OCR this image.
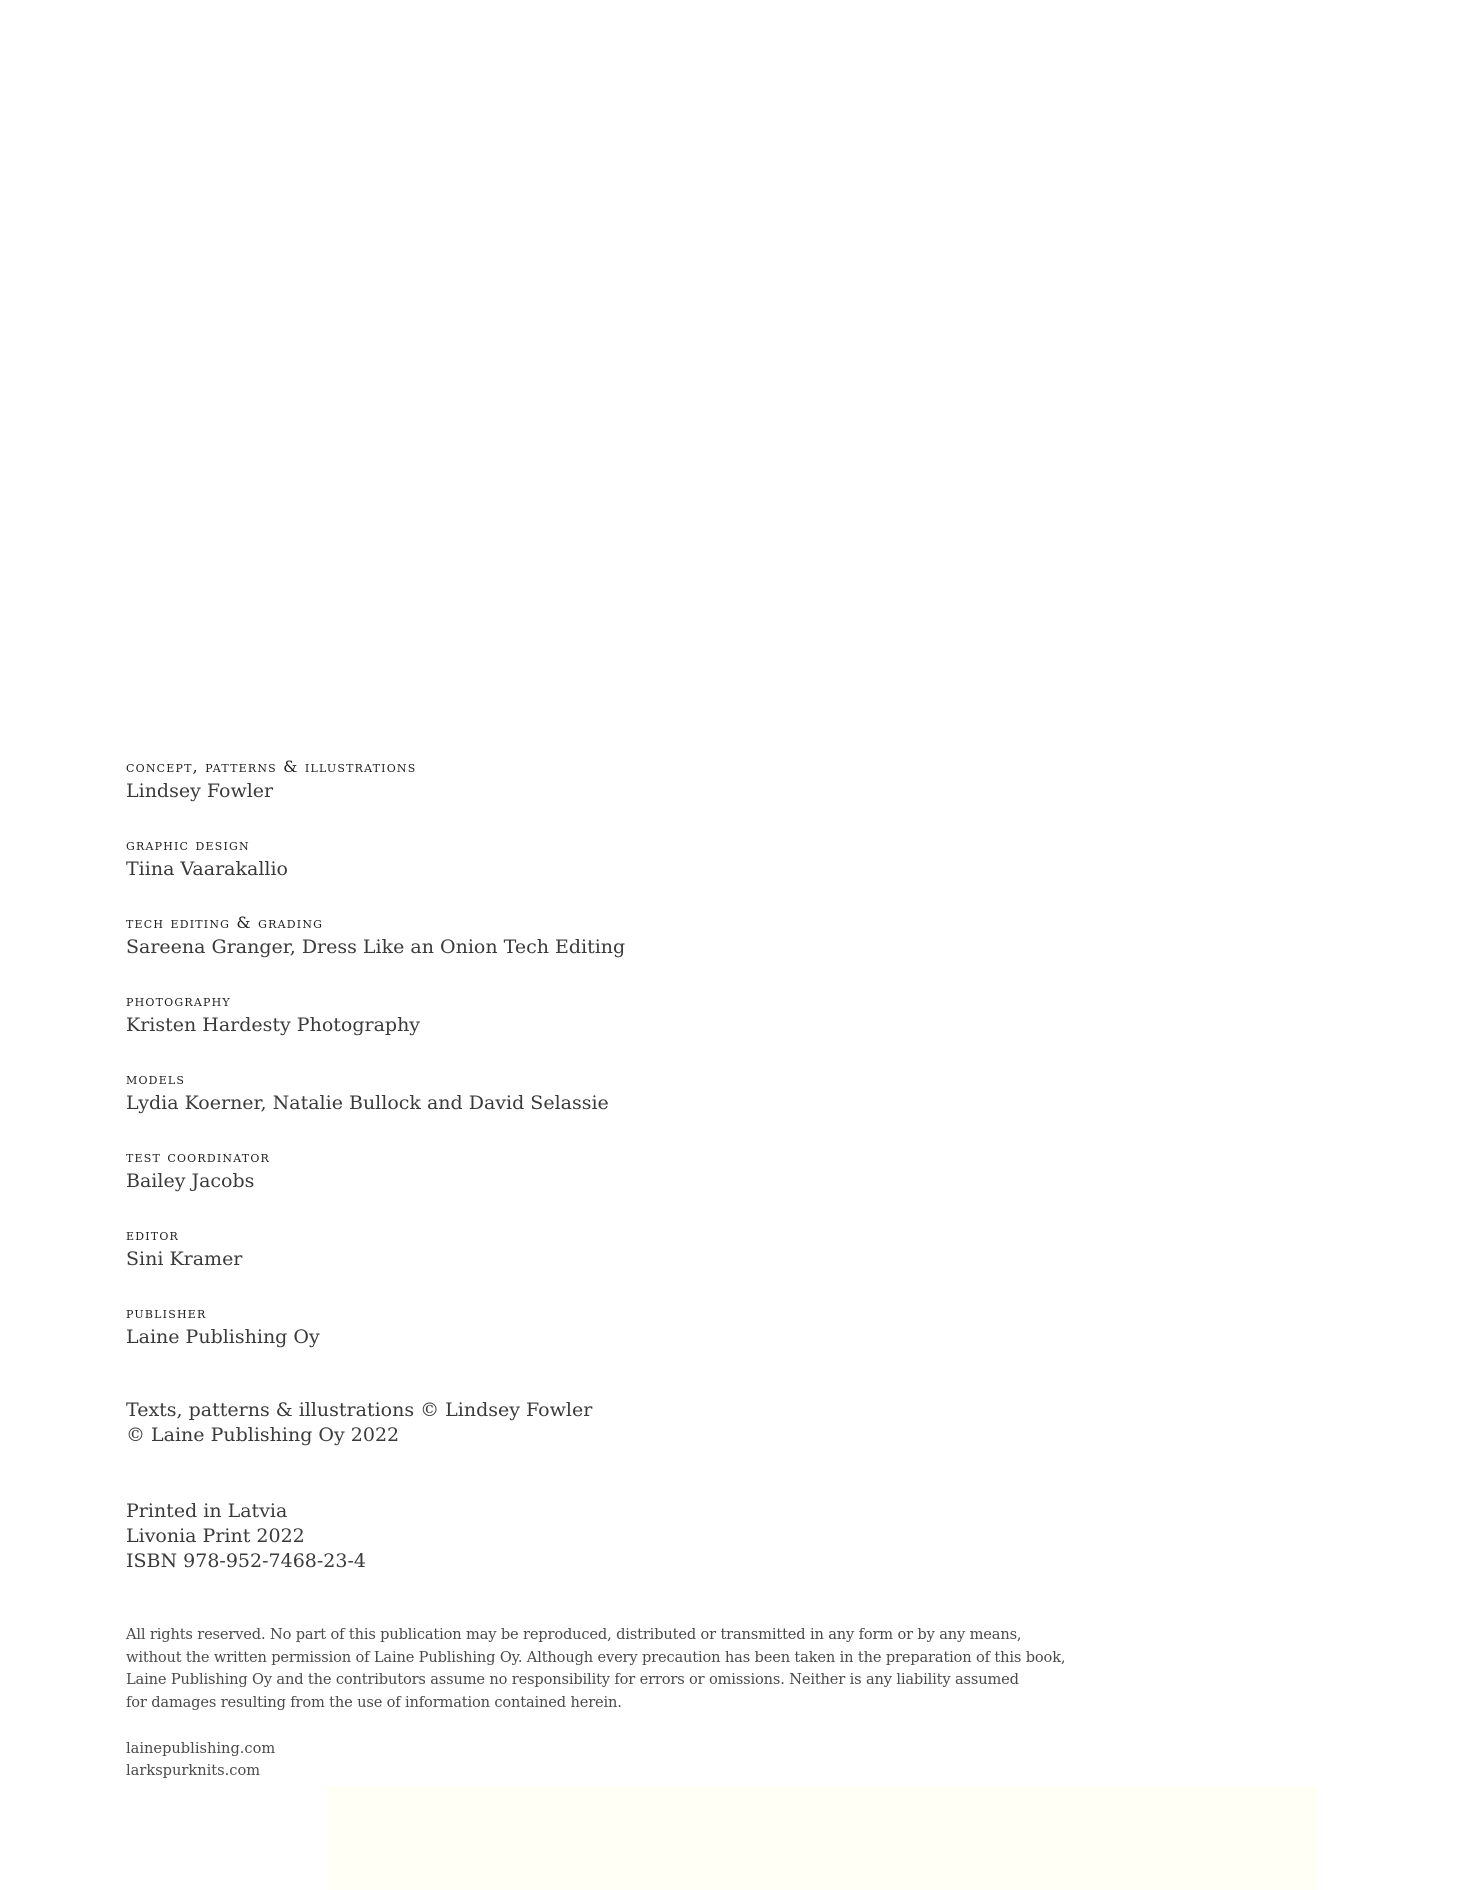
concept, patterns & illustrations

Lindsey Fowler

graphic design

Tiina Vaarakallio

tech editing & grading

Sareena Granger, Dress Like an Onion Tech Editing

photography

Kristen Hardesty Photography

models

Lydia Koerner, Natalie Bullock and David Selassie

test coordinator

Bailey Jacobs

editor

Sini Kramer

publisher

Laine Publishing Oy

Texts, patterns & illustrations © Lindsey Fowler

© Laine Publishing Oy 2022

Printed in Latvia

Livonia Print 2022

ISBN 978-952-7468-23-4

All rights reserved. No part of this publication may be reproduced, distributed or transmitted in any form or by any means,
without the written permission of Laine Publishing Oy. Although every precaution has been taken in the preparation of this book,
Laine Publishing Oy and the contributors assume no responsibility for errors or omissions. Neither is any liability assumed
for damages resulting from the use of information contained herein.

lainepublishing.com
larkspurknits.com
